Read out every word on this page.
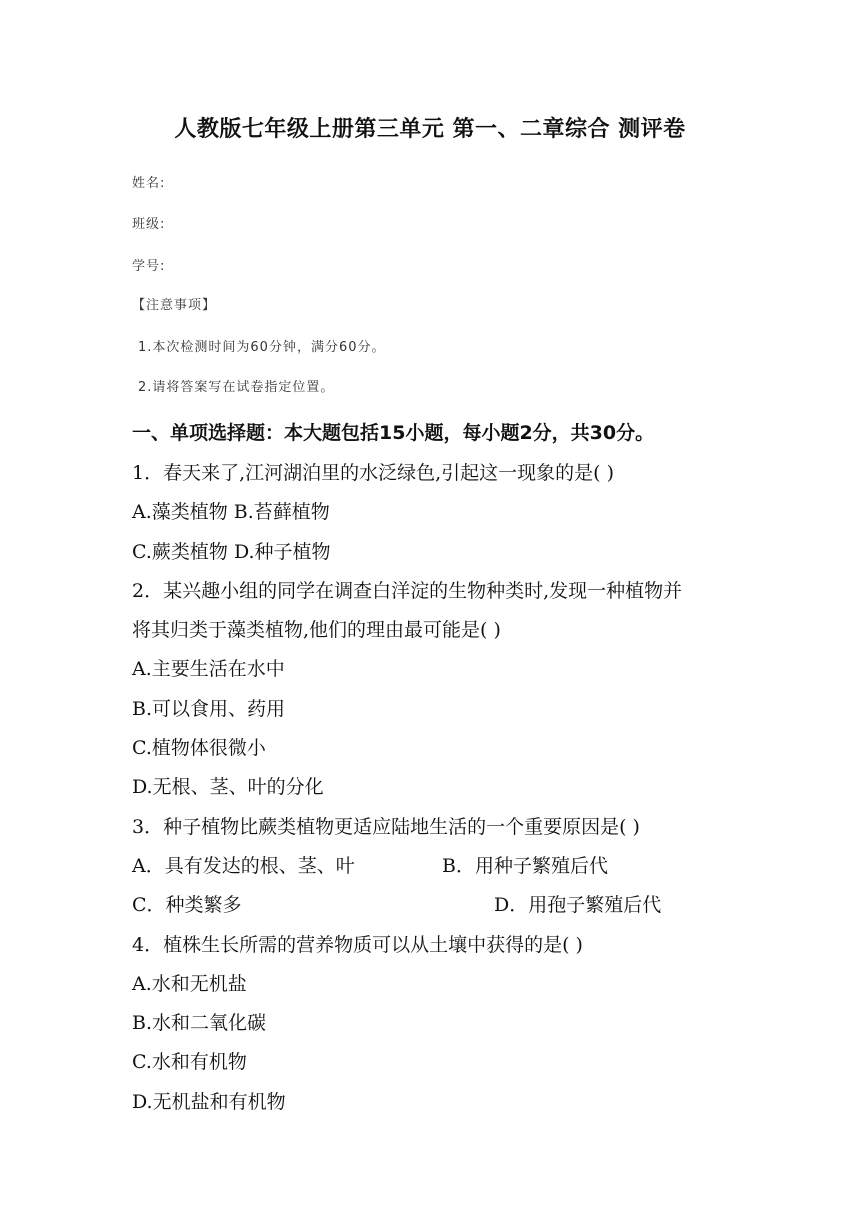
人教版七年级上册第三单元 第一、二章综合 测评卷
姓名:
班级:
学号:
【注意事项】
1.本次检测时间为60分钟，满分60分。
2.请将答案写在试卷指定位置。
一、单项选择题：本大题包括15小题，每小题2分，共30分。
1．春天来了,江河湖泊里的水泛绿色,引起这一现象的是( )
A.藻类植物 B.苔藓植物
C.蕨类植物 D.种子植物
2．某兴趣小组的同学在调查白洋淀的生物种类时,发现一种植物并
将其归类于藻类植物,他们的理由最可能是( )
A.主要生活在水中
B.可以食用、药用
C.植物体很微小
D.无根、茎、叶的分化
3．种子植物比蕨类植物更适应陆地生活的一个重要原因是( )
A．具有发达的根、茎、叶	B．用种子繁殖后代
C．种类繁多	D．用孢子繁殖后代
4．植株生长所需的营养物质可以从土壤中获得的是( )
A.水和无机盐
B.水和二氧化碳
C.水和有机物
D.无机盐和有机物
